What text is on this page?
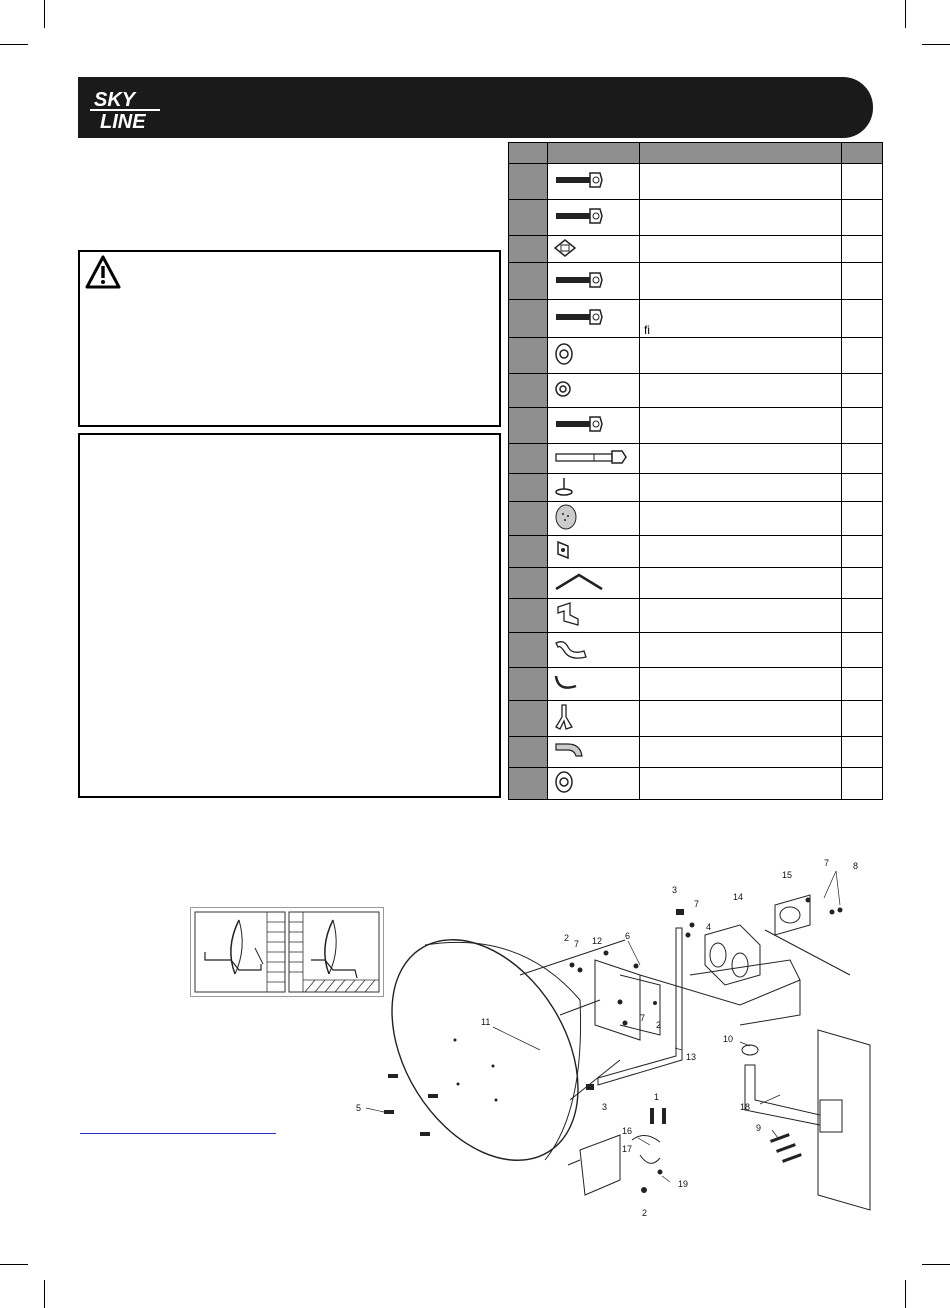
SKY
LINE

		ﬁ	

11
5
2
7 12	6
3
7
4
14
15
7	8
7
2
13
10
3	18
1
9
16
17
19
2
